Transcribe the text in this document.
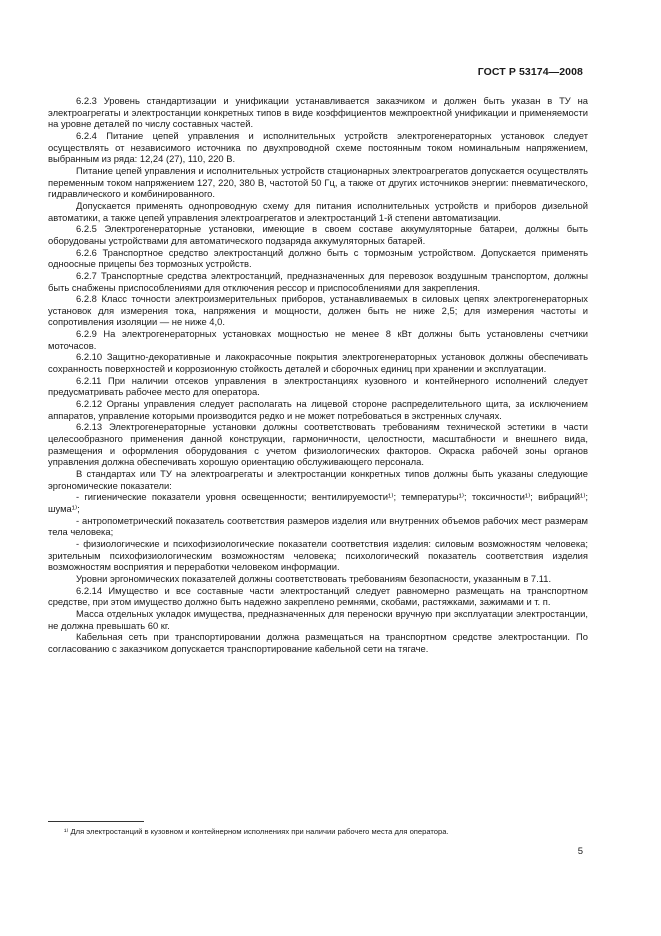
ГОСТ Р 53174—2008

6.2.3 Уровень стандартизации и унификации устанавливается заказчиком и должен быть указан в ТУ на электроагрегаты и электростанции конкретных типов в виде коэффициентов межпроектной унификации и применяемости на уровне деталей по числу составных частей.

6.2.4 Питание цепей управления и исполнительных устройств электрогенераторных установок следует осуществлять от независимого источника по двухпроводной схеме постоянным током номинальным напряжением, выбранным из ряда: 12,24 (27), 110, 220 В.

Питание цепей управления и исполнительных устройств стационарных электроагрегатов допускается осуществлять переменным током напряжением 127, 220, 380 В, частотой 50 Гц, а также от других источников энергии: пневматического, гидравлического и комбинированного.

Допускается применять однопроводную схему для питания исполнительных устройств и приборов дизельной автоматики, а также цепей управления электроагрегатов и электростанций 1-й степени автоматизации.

6.2.5 Электрогенераторные установки, имеющие в своем составе аккумуляторные батареи, должны быть оборудованы устройствами для автоматического подзаряда аккумуляторных батарей.

6.2.6 Транспортное средство электростанций должно быть с тормозным устройством. Допускается применять одноосные прицепы без тормозных устройств.

6.2.7 Транспортные средства электростанций, предназначенных для перевозок воздушным транспортом, должны быть снабжены приспособлениями для отключения рессор и приспособлениями для закрепления.

6.2.8 Класс точности электроизмерительных приборов, устанавливаемых в силовых цепях электрогенераторных установок для измерения тока, напряжения и мощности, должен быть не ниже 2,5; для измерения частоты и сопротивления изоляции — не ниже 4,0.

6.2.9 На электрогенераторных установках мощностью не менее 8 кВт должны быть установлены счетчики моточасов.

6.2.10 Защитно-декоративные и лакокрасочные покрытия электрогенераторных установок должны обеспечивать сохранность поверхностей и коррозионную стойкость деталей и сборочных единиц при хранении и эксплуатации.

6.2.11 При наличии отсеков управления в электростанциях кузовного и контейнерного исполнений следует предусматривать рабочее место для оператора.

6.2.12 Органы управления следует располагать на лицевой стороне распределительного щита, за исключением аппаратов, управление которыми производится редко и не может потребоваться в экстренных случаях.

6.2.13 Электрогенераторные установки должны соответствовать требованиям технической эстетики в части целесообразного применения данной конструкции, гармоничности, целостности, масштабности и внешнего вида, размещения и оформления оборудования с учетом физиологических факторов. Окраска рабочей зоны органов управления должна обеспечивать хорошую ориентацию обслуживающего персонала.

В стандартах или ТУ на электроагрегаты и электростанции конкретных типов должны быть указаны следующие эргономические показатели:

- гигиенические показатели уровня освещенности; вентилируемости¹⁾; температуры¹⁾; токсичности¹⁾; вибраций¹⁾; шума¹⁾;

- антропометрический показатель соответствия размеров изделия или внутренних объемов рабочих мест размерам тела человека;

- физиологические и психофизиологические показатели соответствия изделия: силовым возможностям человека; зрительным психофизиологическим возможностям человека; психологический показатель соответствия изделия возможностям восприятия и переработки человеком информации.

Уровни эргономических показателей должны соответствовать требованиям безопасности, указанным в 7.11.

6.2.14 Имущество и все составные части электростанций следует равномерно размещать на транспортном средстве, при этом имущество должно быть надежно закреплено ремнями, скобами, растяжками, зажимами и т. п.

Масса отдельных укладок имущества, предназначенных для переноски вручную при эксплуатации электростанции, не должна превышать 60 кг.

Кабельная сеть при транспортировании должна размещаться на транспортном средстве электростанции. По согласованию с заказчиком допускается транспортирование кабельной сети на тягаче.

¹⁾ Для электростанций в кузовном и контейнерном исполнениях при наличии рабочего места для оператора.
5
